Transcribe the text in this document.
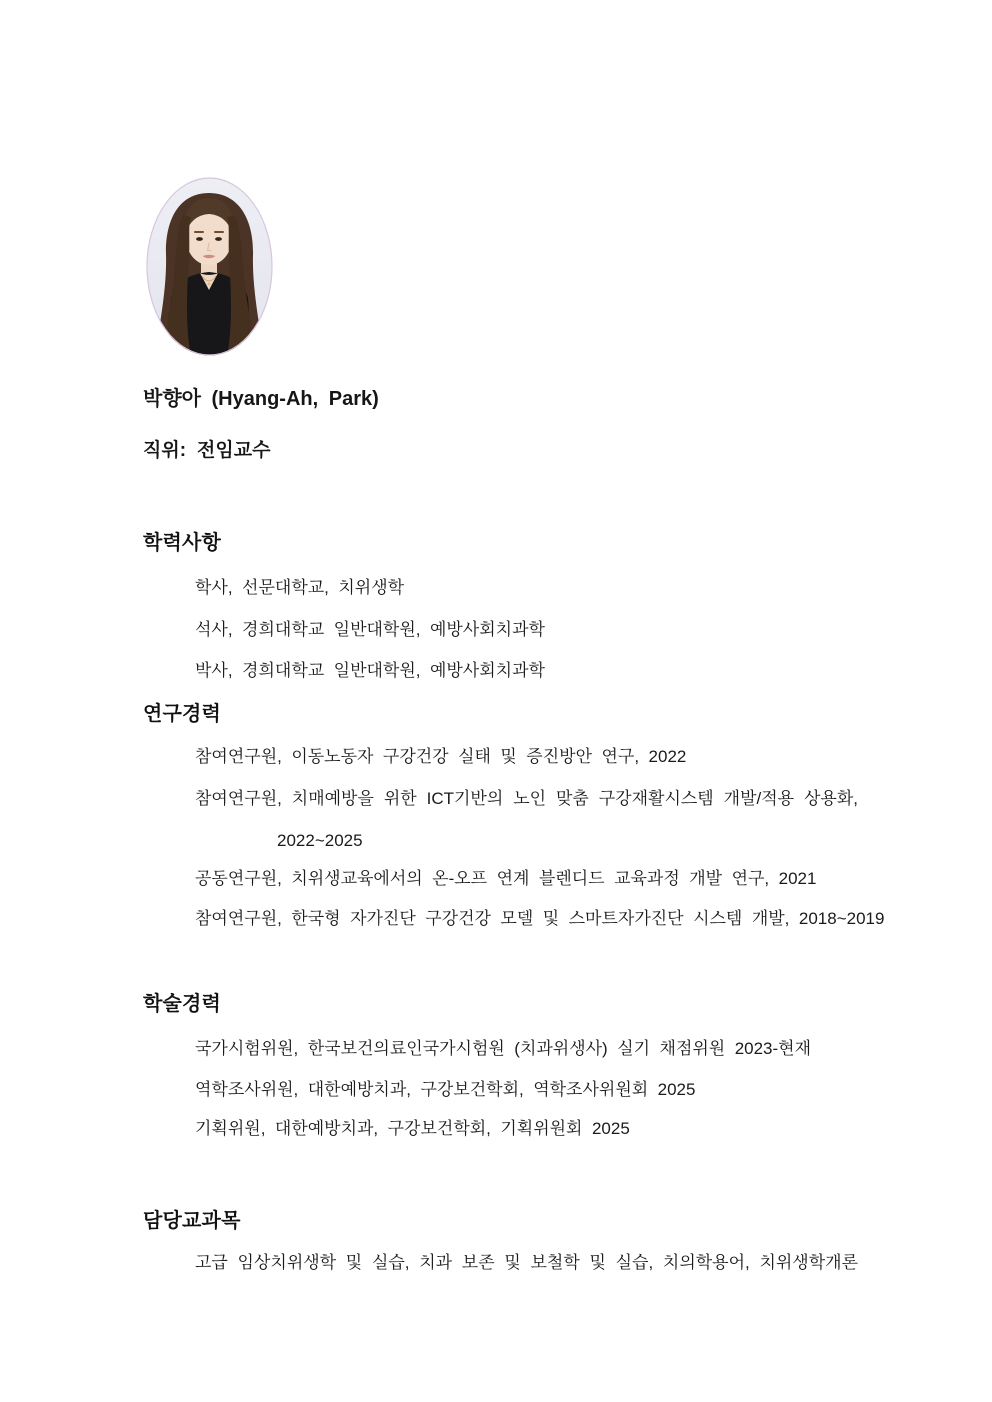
박향아 (Hyang-Ah, Park)
직위: 전임교수
학력사항
학사, 선문대학교, 치위생학
석사, 경희대학교 일반대학원, 예방사회치과학
박사, 경희대학교 일반대학원, 예방사회치과학
연구경력
참여연구원, 이동노동자 구강건강 실태 및 증진방안 연구, 2022
참여연구원, 치매예방을 위한 ICT기반의 노인 맞춤 구강재활시스템 개발/적용 상용화,
2022~2025
공동연구원, 치위생교육에서의 온-오프 연계 블렌디드 교육과정 개발 연구, 2021
참여연구원, 한국형 자가진단 구강건강 모델 및 스마트자가진단 시스템 개발, 2018~2019
학술경력
국가시험위원, 한국보건의료인국가시험원 (치과위생사) 실기 채점위원 2023-현재
역학조사위원, 대한예방치과, 구강보건학회, 역학조사위원회 2025
기획위원, 대한예방치과, 구강보건학회, 기획위원회 2025
담당교과목
고급 임상치위생학 및 실습, 치과 보존 및 보철학 및 실습, 치의학용어, 치위생학개론
